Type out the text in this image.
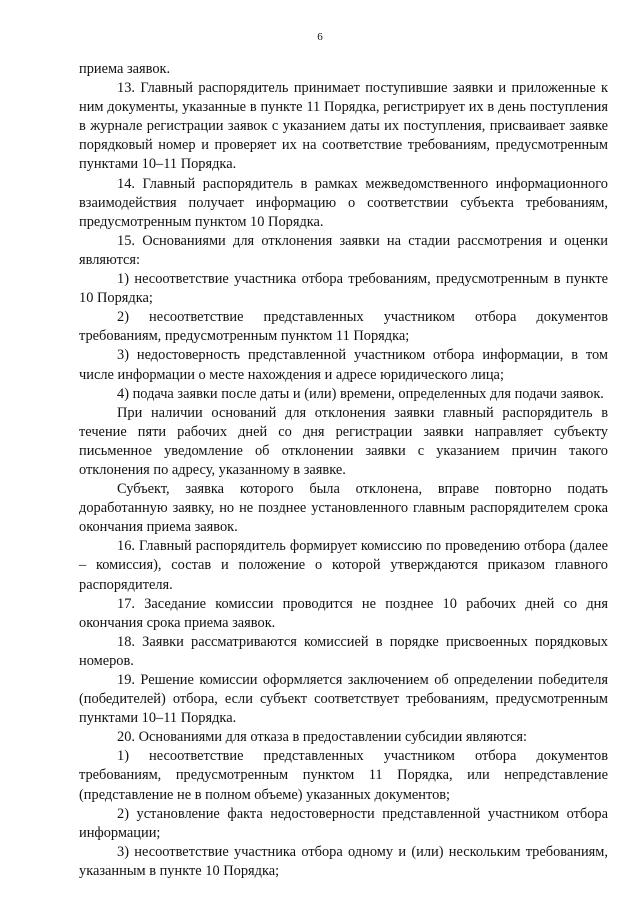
6

приема заявок.

13. Главный распорядитель принимает поступившие заявки и приложенные к ним документы, указанные в пункте 11 Порядка, регистрирует их в день поступления в журнале регистрации заявок с указанием даты их поступления, присваивает заявке порядковый номер и проверяет их на соответствие требованиям, предусмотренным пунктами 10–11 Порядка.

14. Главный распорядитель в рамках межведомственного информационного взаимодействия получает информацию о соответствии субъекта требованиям, предусмотренным пунктом 10 Порядка.

15. Основаниями для отклонения заявки на стадии рассмотрения и оценки являются:

1) несоответствие участника отбора требованиям, предусмотренным в пункте 10 Порядка;

2) несоответствие представленных участником отбора документов требованиям, предусмотренным пунктом 11 Порядка;

3) недостоверность представленной участником отбора информации, в том числе информации о месте нахождения и адресе юридического лица;

4) подача заявки после даты и (или) времени, определенных для подачи заявок.

При наличии оснований для отклонения заявки главный распорядитель в течение пяти рабочих дней со дня регистрации заявки направляет субъекту письменное уведомление об отклонении заявки с указанием причин такого отклонения по адресу, указанному в заявке.

Субъект, заявка которого была отклонена, вправе повторно подать доработанную заявку, но не позднее установленного главным распорядителем срока окончания приема заявок.

16. Главный распорядитель формирует комиссию по проведению отбора (далее – комиссия), состав и положение о которой утверждаются приказом главного распорядителя.

17. Заседание комиссии проводится не позднее 10 рабочих дней со дня окончания срока приема заявок.

18. Заявки рассматриваются комиссией в порядке присвоенных порядковых номеров.

19. Решение комиссии оформляется заключением об определении победителя (победителей) отбора, если субъект соответствует требованиям, предусмотренным пунктами 10–11 Порядка.

20. Основаниями для отказа в предоставлении субсидии являются:

1) несоответствие представленных участником отбора документов требованиям, предусмотренным пунктом 11 Порядка, или непредставление (представление не в полном объеме) указанных документов;

2) установление факта недостоверности представленной участником отбора информации;

3) несоответствие участника отбора одному и (или) нескольким требованиям, указанным в пункте 10 Порядка;
